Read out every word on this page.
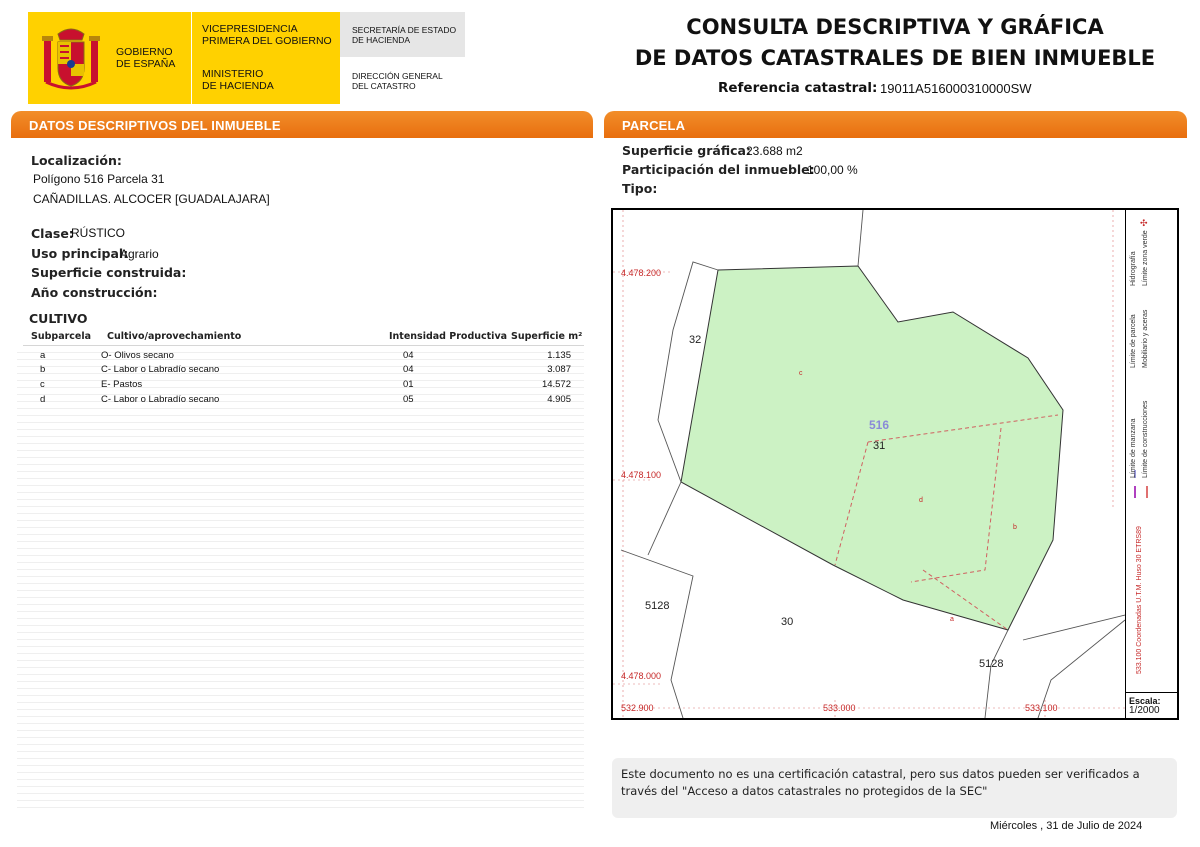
GOBIERNO
DE ESPAÑA
VICEPRESIDENCIA
PRIMERA DEL GOBIERNO
MINISTERIO
DE HACIENDA
SECRETARÍA DE ESTADO
DE HACIENDA
DIRECCIÓN GENERAL
DEL CATASTRO
CONSULTA DESCRIPTIVA Y GRÁFICA
DE DATOS CATASTRALES DE BIEN INMUEBLE
Referencia catastral: 19011A516000310000SW
DATOS DESCRIPTIVOS DEL INMUEBLE
Localización:
Polígono 516 Parcela 31
CAÑADILLAS. ALCOCER [GUADALAJARA]
Clase:
RÚSTICO
Uso principal:
Agrario
Superficie construida:
Año construcción:
CULTIVO
Subparcela Cultivo/aprovechamiento	Intensidad Productiva Superficie m²
a	O- Olivos secano	04	1.135
b	C- Labor o Labradío secano	04	3.087
c	E- Pastos	01	14.572
d	C- Labor o Labradío secano	05	4.905
PARCELA
Superficie gráfica:
23.688 m2
Participación del inmueble:
100,00 %
Tipo:
4.478.200
4.478.100
4.478.000
532.900	533.000	533.100
32
516
31
5128
30
5128
c
d
b
a
✣
Hidrografía Límite zona verde
Límite de parcela Mobiliario y aceras
Límite de manzana Límite de construcciones
533.100 Coordenadas U.T.M. Huso 30 ETRS89
Escala:
1/2000
Este documento no es una certificación catastral, pero sus datos pueden ser verificados a través del "Acceso a datos catastrales no protegidos de la SEC"
Miércoles , 31 de Julio de 2024
